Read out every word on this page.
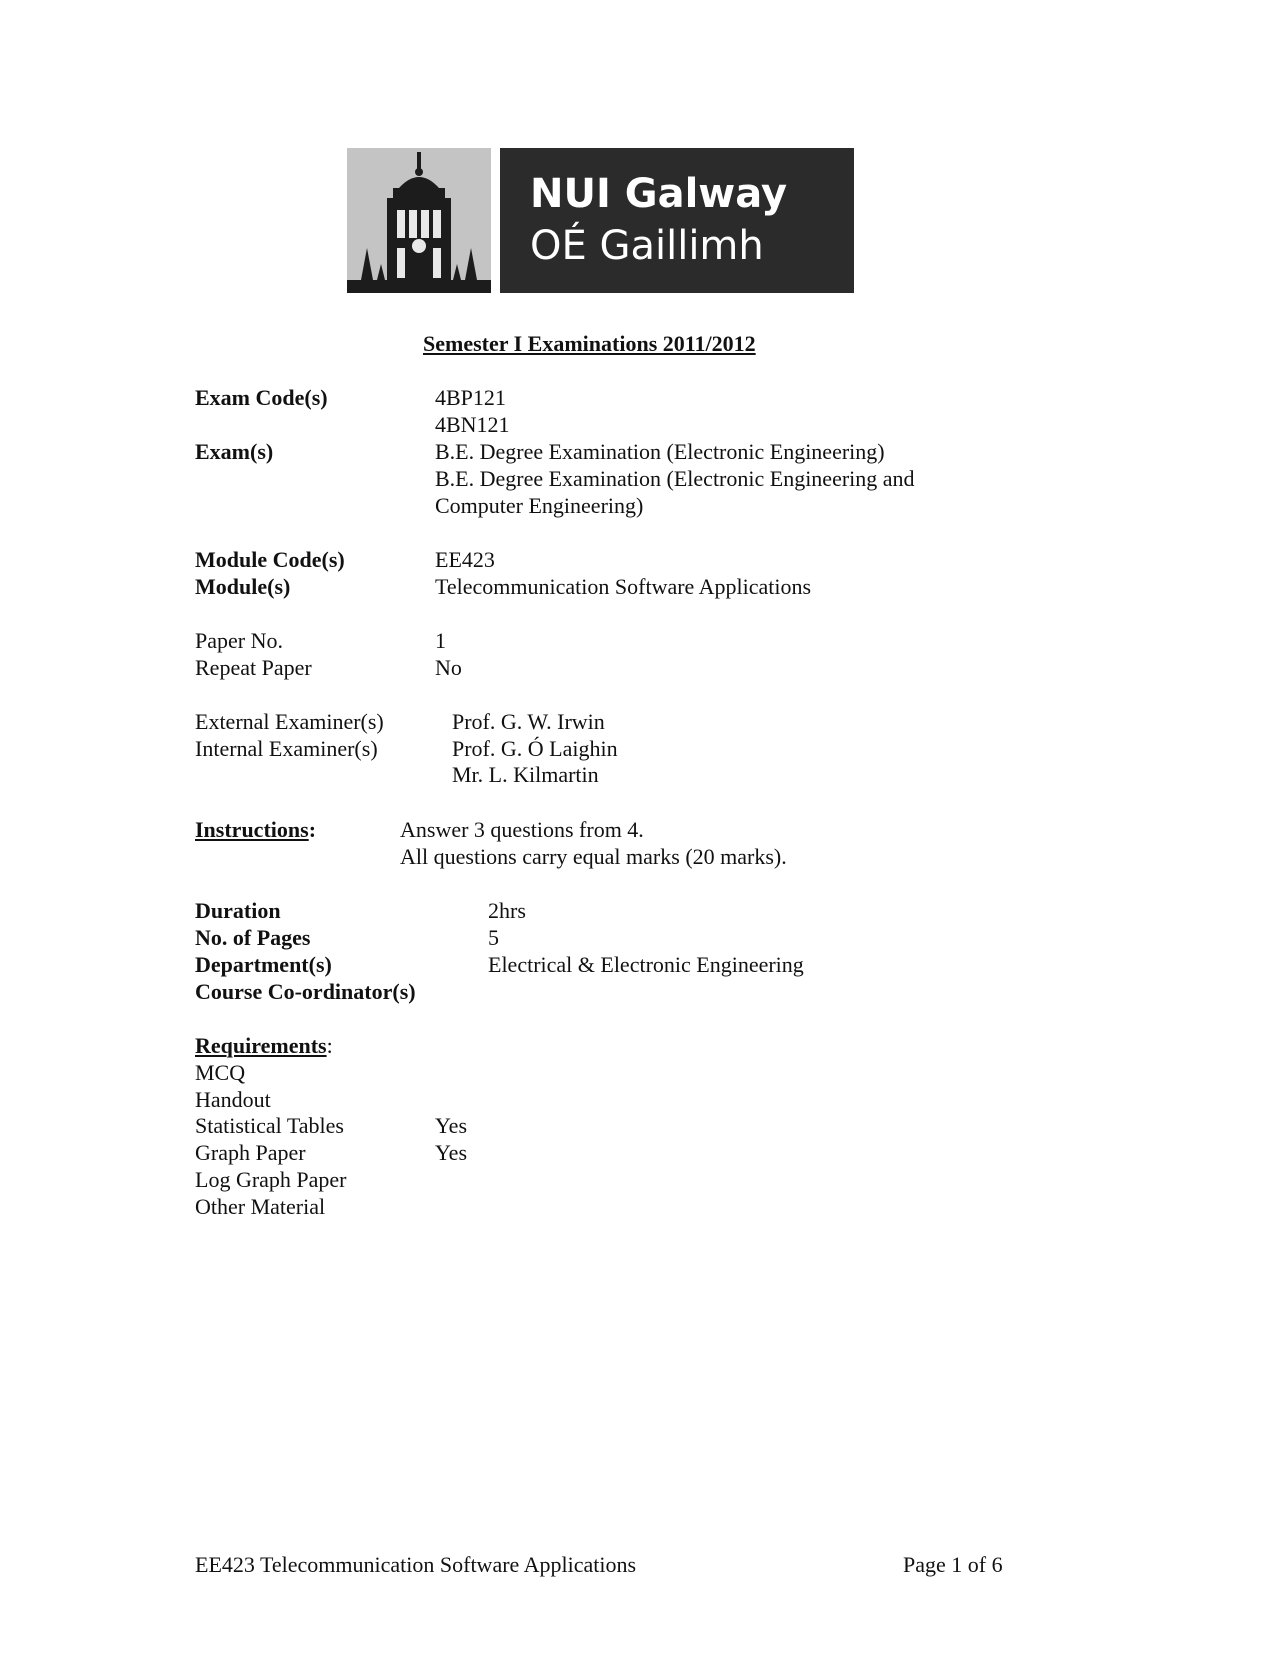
NUI Galway
OÉ Gaillimh
Semester I Examinations 2011/2012
Exam Code(s)	4BP121
4BN121
Exam(s)	B.E. Degree Examination (Electronic Engineering)
B.E. Degree Examination (Electronic Engineering and
Computer Engineering)
Module Code(s)	EE423
Module(s)	Telecommunication Software Applications
Paper No.	1
Repeat Paper	No
External Examiner(s)	Prof. G. W. Irwin
Internal Examiner(s)	Prof. G. Ó Laighin
Mr. L. Kilmartin
Instructions:	Answer 3 questions from 4.
All questions carry equal marks (20 marks).
Duration	2hrs
No. of Pages	5
Department(s)	Electrical & Electronic Engineering
Course Co-ordinator(s)
Requirements:
MCQ
Handout
Statistical Tables	Yes
Graph Paper	Yes
Log Graph Paper
Other Material
EE423 Telecommunication Software Applications	Page 1 of 6
